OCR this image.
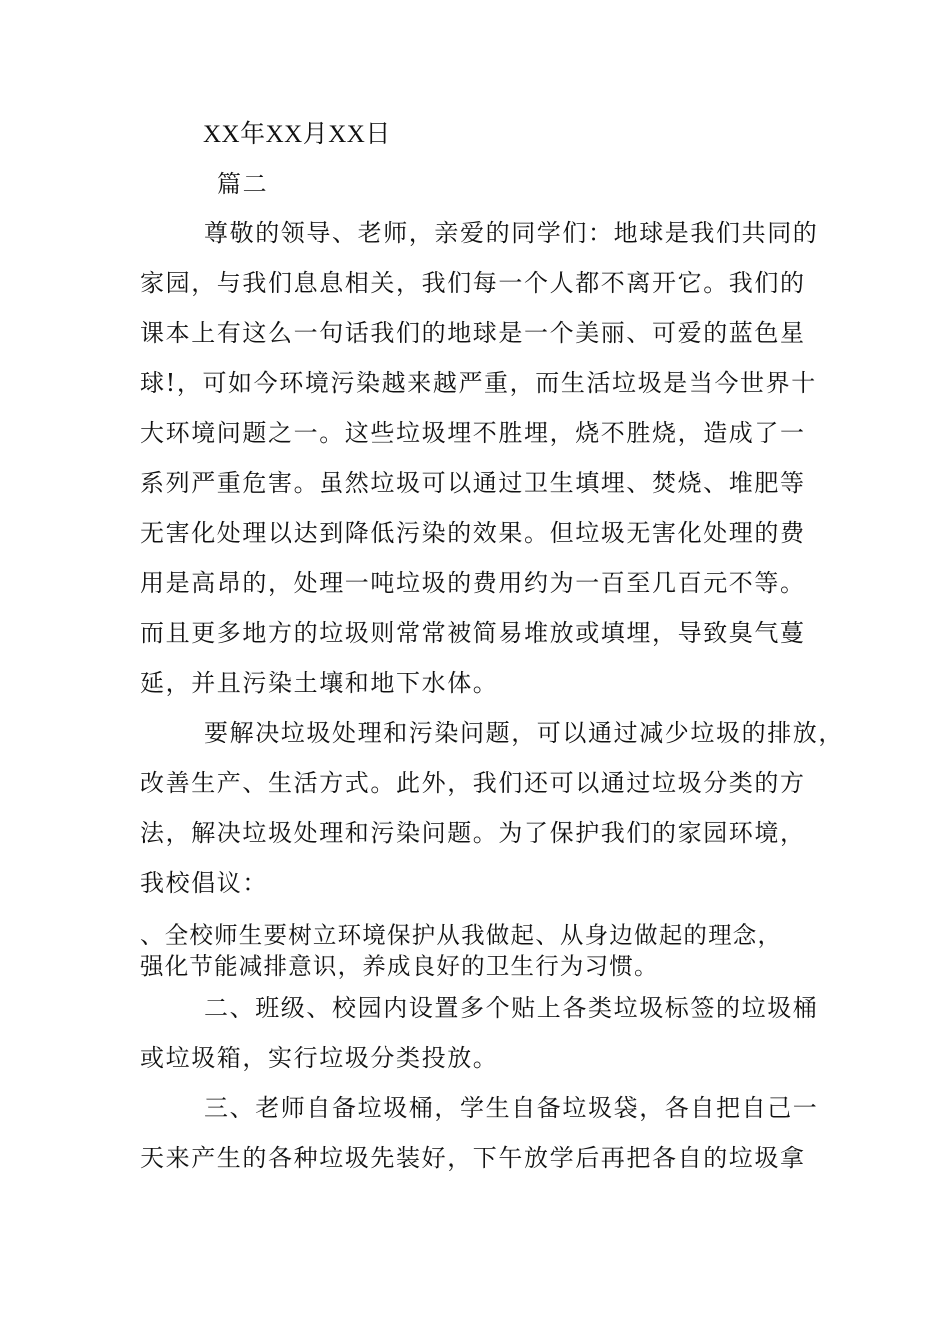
XX年XX月XX日
篇二
尊敬的领导、老师，亲爱的同学们：地球是我们共同的
家园，与我们息息相关，我们每一个人都不离开它。我们的
课本上有这么一句话我们的地球是一个美丽、可爱的蓝色星
球!，可如今环境污染越来越严重，而生活垃圾是当今世界十
大环境问题之一。这些垃圾埋不胜埋，烧不胜烧，造成了一
系列严重危害。虽然垃圾可以通过卫生填埋、焚烧、堆肥等
无害化处理以达到降低污染的效果。但垃圾无害化处理的费
用是高昂的，处理一吨垃圾的费用约为一百至几百元不等。
而且更多地方的垃圾则常常被简易堆放或填埋，导致臭气蔓
延，并且污染土壤和地下水体。
要解决垃圾处理和污染问题，可以通过减少垃圾的排放，
改善生产、生活方式。此外，我们还可以通过垃圾分类的方
法，解决垃圾处理和污染问题。为了保护我们的家园环境，
我校倡议：
、全校师生要树立环境保护从我做起、从身边做起的理念，
强化节能减排意识，养成良好的卫生行为习惯。
二、班级、校园内设置多个贴上各类垃圾标签的垃圾桶
或垃圾箱，实行垃圾分类投放。
三、老师自备垃圾桶，学生自备垃圾袋，各自把自己一
天来产生的各种垃圾先装好，下午放学后再把各自的垃圾拿
